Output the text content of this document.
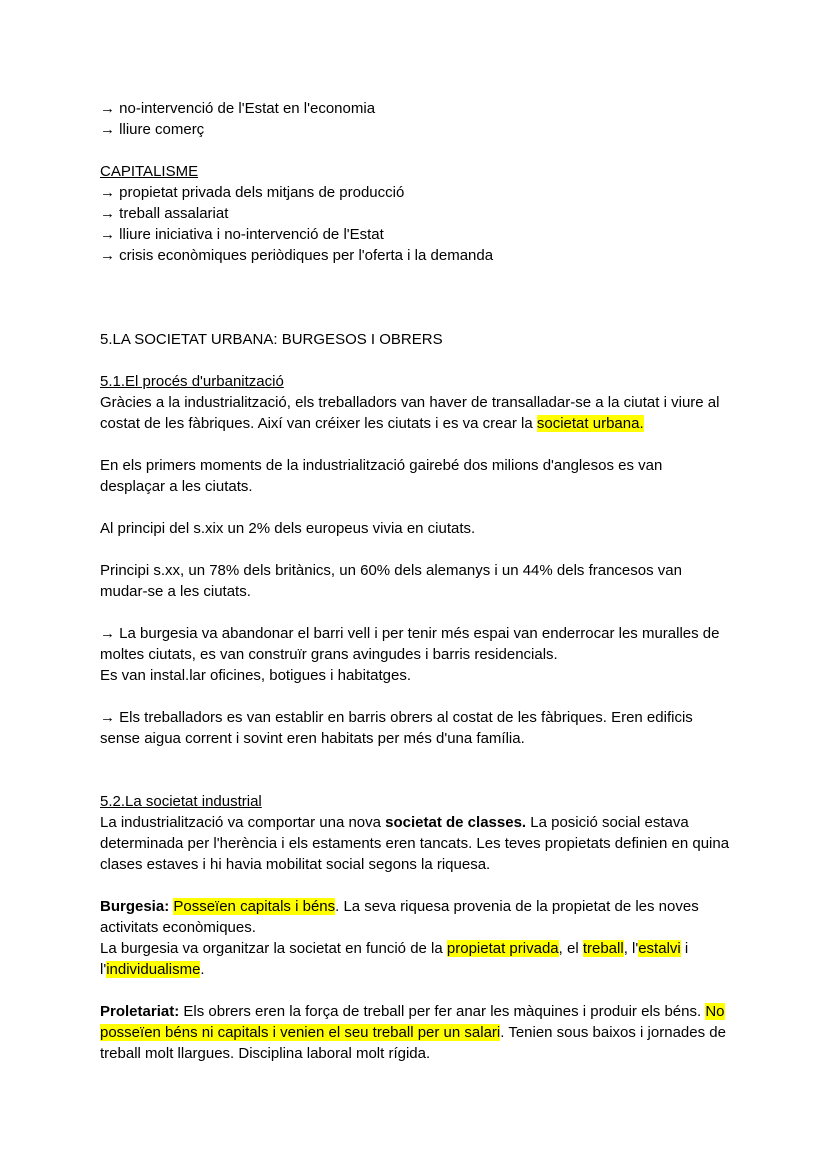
→ no-intervenció de l'Estat en l'economia

→ lliure comerç

CAPITALISME

→ propietat privada dels mitjans de producció

→ treball assalariat

→ lliure iniciativa i no-intervenció de l'Estat

→ crisis econòmiques periòdiques per l'oferta i la demanda

5.LA SOCIETAT URBANA: BURGESOS I OBRERS

5.1.El procés d'urbanització

Gràcies a la industrialització, els treballadors van haver de transalladar-se a la ciutat i viure al costat de les fàbriques. Així van créixer les ciutats i es va crear la societat urbana.

En els primers moments de la industrialització gairebé dos milions d'anglesos es van desplaçar a les ciutats.

Al principi del s.xix un 2% dels europeus vivia en ciutats.

Principi s.xx, un 78% dels britànics, un 60% dels alemanys i un 44% dels francesos van mudar-se a les ciutats.

→ La burgesia va abandonar el barri vell i per tenir més espai van enderrocar les muralles de moltes ciutats, es van construïr grans avingudes i barris residencials.

Es van instal.lar oficines, botigues i habitatges.

→ Els treballadors es van establir en barris obrers al costat de les fàbriques. Eren edificis sense aigua corrent i sovint eren habitats per més d'una família.

5.2.La societat industrial

La industrialització va comportar una nova societat de classes. La posició social estava determinada per l'herència i els estaments eren tancats. Les teves propietats definien en quina clases estaves i hi havia mobilitat social segons la riquesa.

Burgesia: Posseïen capitals i béns. La seva riquesa provenia de la propietat de les noves activitats econòmiques.

La burgesia va organitzar la societat en funció de la propietat privada, el treball, l'estalvi i l'individualisme.

Proletariat: Els obrers eren la força de treball per fer anar les màquines i produir els béns. No posseïen béns ni capitals i venien el seu treball per un salari. Tenien sous baixos i jornades de treball molt llargues. Disciplina laboral molt rígida.
